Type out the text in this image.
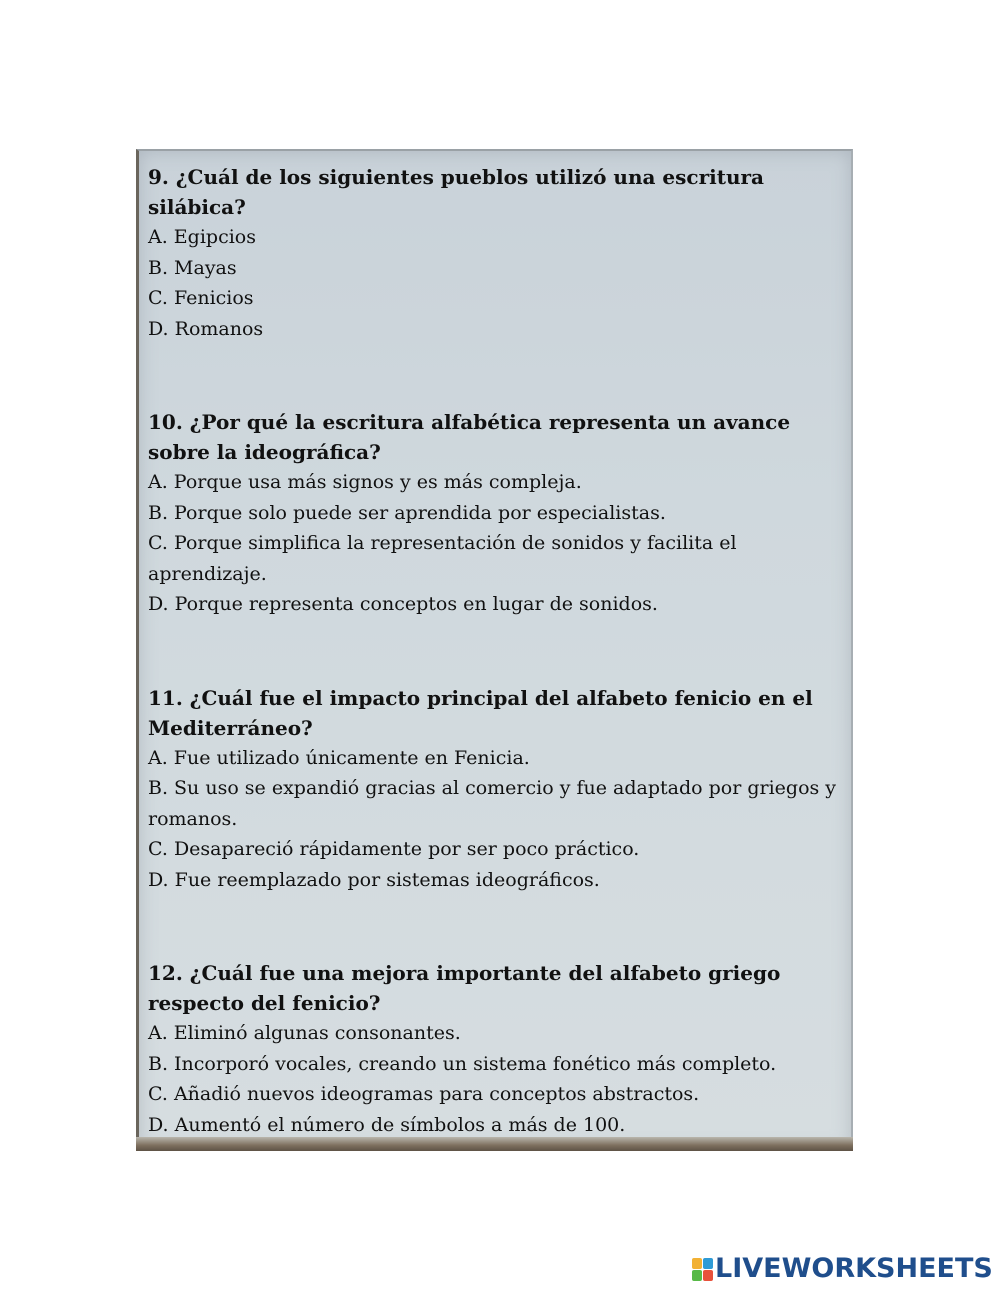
9. ¿Cuál de los siguientes pueblos utilizó una escritura silábica?

A. Egipcios

B. Mayas

C. Fenicios

D. Romanos

10. ¿Por qué la escritura alfabética representa un avance sobre la ideográfica?

A. Porque usa más signos y es más compleja.

B. Porque solo puede ser aprendida por especialistas.

C. Porque simplifica la representación de sonidos y facilita el aprendizaje.

D. Porque representa conceptos en lugar de sonidos.

11. ¿Cuál fue el impacto principal del alfabeto fenicio en el Mediterráneo?

A. Fue utilizado únicamente en Fenicia.

B. Su uso se expandió gracias al comercio y fue adaptado por griegos y romanos.

C. Desapareció rápidamente por ser poco práctico.

D. Fue reemplazado por sistemas ideográficos.

12. ¿Cuál fue una mejora importante del alfabeto griego respecto del fenicio?

A. Eliminó algunas consonantes.

B. Incorporó vocales, creando un sistema fonético más completo.

C. Añadió nuevos ideogramas para conceptos abstractos.

D. Aumentó el número de símbolos a más de 100.

LIVEWORKSHEETS
